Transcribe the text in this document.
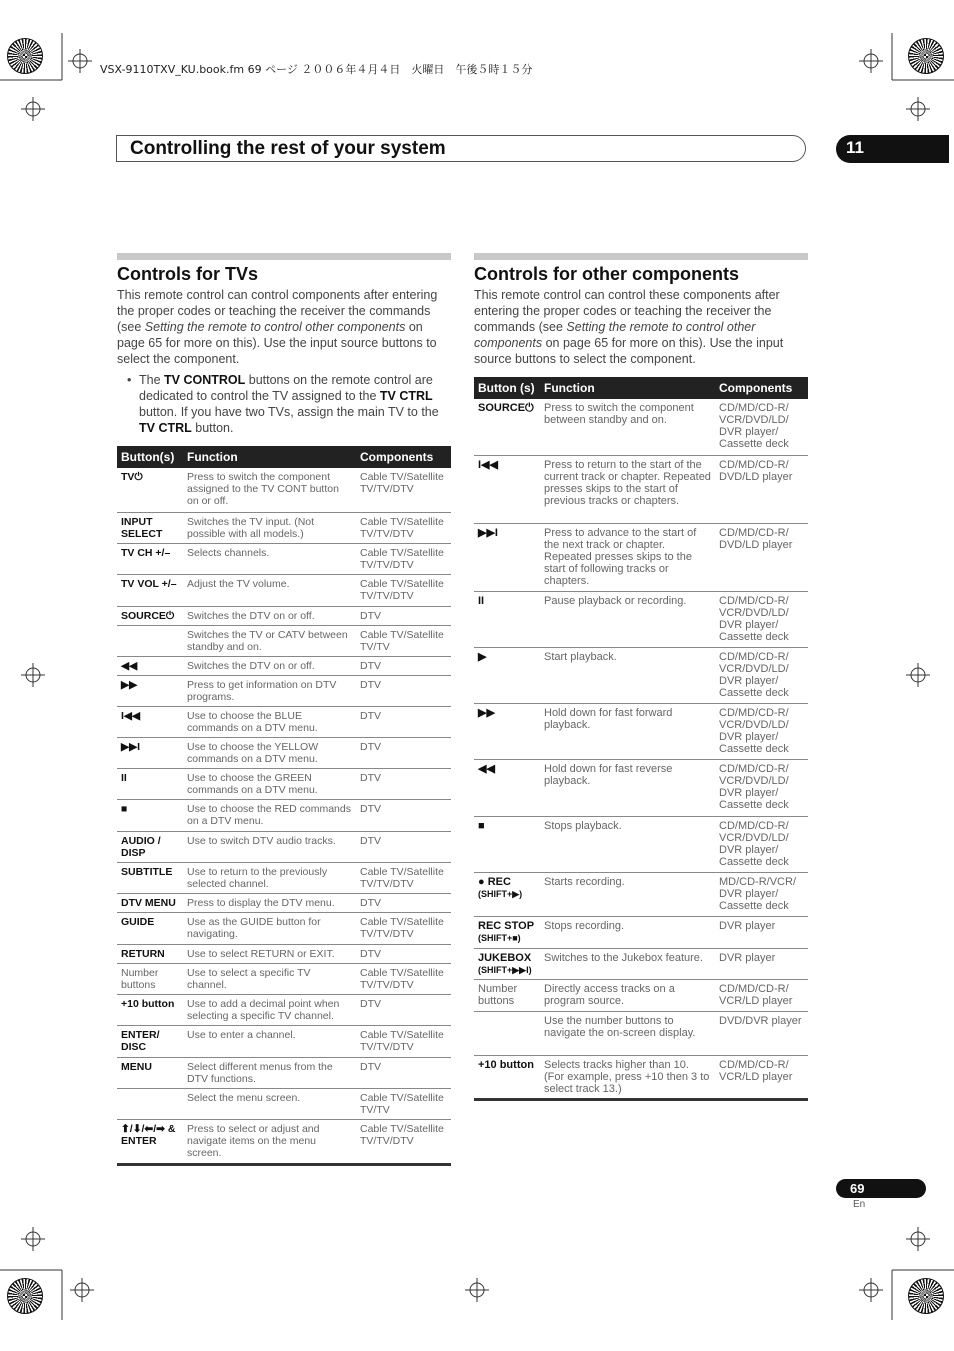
VSX-9110TXV_KU.book.fm 69 ページ ２００６年４月４日　火曜日　午後５時１５分
Controlling the rest of your system	11
Controls for TVs
This remote control can control components after entering the proper codes or teaching the receiver the commands (see Setting the remote to control other components on page 65 for more on this). Use the input source buttons to select the component.
• The TV CONTROL buttons on the remote control are dedicated to control the TV assigned to the TV CTRL button. If you have two TVs, assign the main TV to the TV CTRL button.
Button(s)	Function	Components
TV⏻	Press to switch the component assigned to the TV CONT button on or off.	Cable TV/Satellite TV/TV/DTV
INPUT SELECT	Switches the TV input. (Not possible with all models.)	Cable TV/Satellite TV/TV/DTV
TV CH +/–	Selects channels.	Cable TV/Satellite TV/TV/DTV
TV VOL +/–	Adjust the TV volume.	Cable TV/Satellite TV/TV/DTV
SOURCE⏻	Switches the DTV on or off.	DTV
	Switches the TV or CATV between standby and on.	Cable TV/Satellite TV/TV
◀◀	Switches the DTV on or off.	DTV
▶▶	Press to get information on DTV programs.	DTV
I◀◀	Use to choose the BLUE commands on a DTV menu.	DTV
▶▶I	Use to choose the YELLOW commands on a DTV menu.	DTV
II	Use to choose the GREEN commands on a DTV menu.	DTV
■	Use to choose the RED commands on a DTV menu.	DTV
AUDIO / DISP	Use to switch DTV audio tracks.	DTV
SUBTITLE	Use to return to the previously selected channel.	Cable TV/Satellite TV/TV/DTV
DTV MENU	Press to display the DTV menu.	DTV
GUIDE	Use as the GUIDE button for navigating.	Cable TV/Satellite TV/TV/DTV
RETURN	Use to select RETURN or EXIT.	DTV
Number buttons	Use to select a specific TV channel.	Cable TV/Satellite TV/TV/DTV
+10 button	Use to add a decimal point when selecting a specific TV channel.	DTV
ENTER/ DISC	Use to enter a channel.	Cable TV/Satellite TV/TV/DTV
MENU	Select different menus from the DTV functions.	DTV
	Select the menu screen.	Cable TV/Satellite TV/TV
⬆/⬇/⬅/➡ & ENTER	Press to select or adjust and navigate items on the menu screen.	Cable TV/Satellite TV/TV/DTV
Controls for other components
This remote control can control these components after entering the proper codes or teaching the receiver the commands (see Setting the remote to control other components on page 65 for more on this). Use the input source buttons to select the component.
Button (s)	Function	Components
SOURCE⏻	Press to switch the component between standby and on.	CD/MD/CD-R/ VCR/DVD/LD/ DVR player/ Cassette deck
I◀◀	Press to return to the start of the current track or chapter. Repeated presses skips to the start of previous tracks or chapters.	CD/MD/CD-R/ DVD/LD player
▶▶I	Press to advance to the start of the next track or chapter. Repeated presses skips to the start of following tracks or chapters.	CD/MD/CD-R/ DVD/LD player
II	Pause playback or recording.	CD/MD/CD-R/ VCR/DVD/LD/ DVR player/ Cassette deck
▶	Start playback.	CD/MD/CD-R/ VCR/DVD/LD/ DVR player/ Cassette deck
▶▶	Hold down for fast forward playback.	CD/MD/CD-R/ VCR/DVD/LD/ DVR player/ Cassette deck
◀◀	Hold down for fast reverse playback.	CD/MD/CD-R/ VCR/DVD/LD/ DVR player/ Cassette deck
■	Stops playback.	CD/MD/CD-R/ VCR/DVD/LD/ DVR player/ Cassette deck

● REC
(SHIFT+▶)	Starts recording.	MD/CD-R/VCR/ DVR player/ Cassette deck

REC STOP
(SHIFT+■)	Stops recording.	DVR player

JUKEBOX
(SHIFT+▶▶I)	Switches to the Jukebox feature.	DVR player
Number buttons	Directly access tracks on a program source.	CD/MD/CD-R/ VCR/LD player
	Use the number buttons to navigate the on-screen display.	DVD/DVR player
+10 button	Selects tracks higher than 10. (For example, press +10 then 3 to select track 13.)	CD/MD/CD-R/ VCR/LD player
69
En
